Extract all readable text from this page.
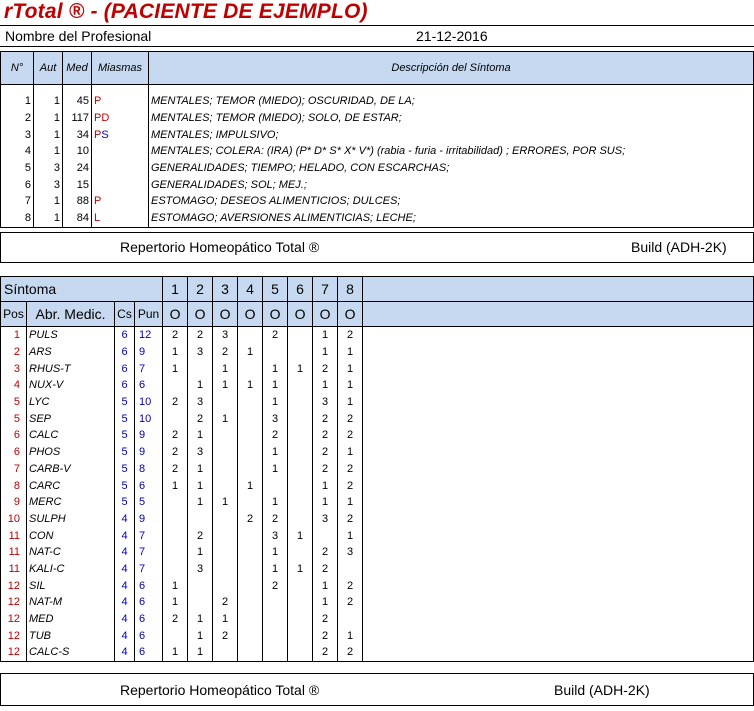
rTotal ® - (PACIENTE DE EJEMPLO)
Nombre del Profesional	21-12-2016
N°	Aut	Med	Miasmas	Descripción del Síntoma
1	1	45	P	MENTALES; TEMOR (MIEDO); OSCURIDAD, DE LA;
2	1	117	PD	MENTALES; TEMOR (MIEDO); SOLO, DE ESTAR;
3	1	34	PS	MENTALES; IMPULSIVO;
4	1	10		MENTALES; COLERA: (IRA) (P* D* S* X* V*) (rabia - furia - irritabilidad) ; ERRORES, POR SUS;
5	3	24		GENERALIDADES; TIEMPO; HELADO, CON ESCARCHAS;
6	3	15		GENERALIDADES; SOL; MEJ.;
7	1	88	P	ESTOMAGO; DESEOS ALIMENTICIOS; DULCES;
8	1	84	L	ESTOMAGO; AVERSIONES ALIMENTICIAS; LECHE;
Repertorio Homeopático Total ®	Build (ADH-2K)
Síntoma				1	2	3	4	5	6	7	8	
Pos	Abr. Medic.	Cs	Pun	O	O	O	O	O	O	O	O	
1	PULS	6	12	2	2	3		2		1	2	
2	ARS	6	9	1	3	2	1			1	1	
3	RHUS-T	6	7	1		1		1	1	2	1	
4	NUX-V	6	6		1	1	1	1		1	1	
5	LYC	5	10	2	3			1		3	1	
5	SEP	5	10		2	1		3		2	2	
6	CALC	5	9	2	1			2		2	2	
6	PHOS	5	9	2	3			1		2	1	
7	CARB-V	5	8	2	1			1		2	2	
8	CARC	5	6	1	1		1			1	2	
9	MERC	5	5		1	1		1		1	1	
10	SULPH	4	9				2	2		3	2	
11	CON	4	7		2			3	1		1	
11	NAT-C	4	7		1			1		2	3	
11	KALI-C	4	7		3			1	1	2		
12	SIL	4	6	1				2		1	2	
12	NAT-M	4	6	1		2				1	2	
12	MED	4	6	2	1	1				2		
12	TUB	4	6		1	2				2	1	
12	CALC-S	4	6	1	1					2	2	
Repertorio Homeopático Total ®	Build (ADH-2K)
